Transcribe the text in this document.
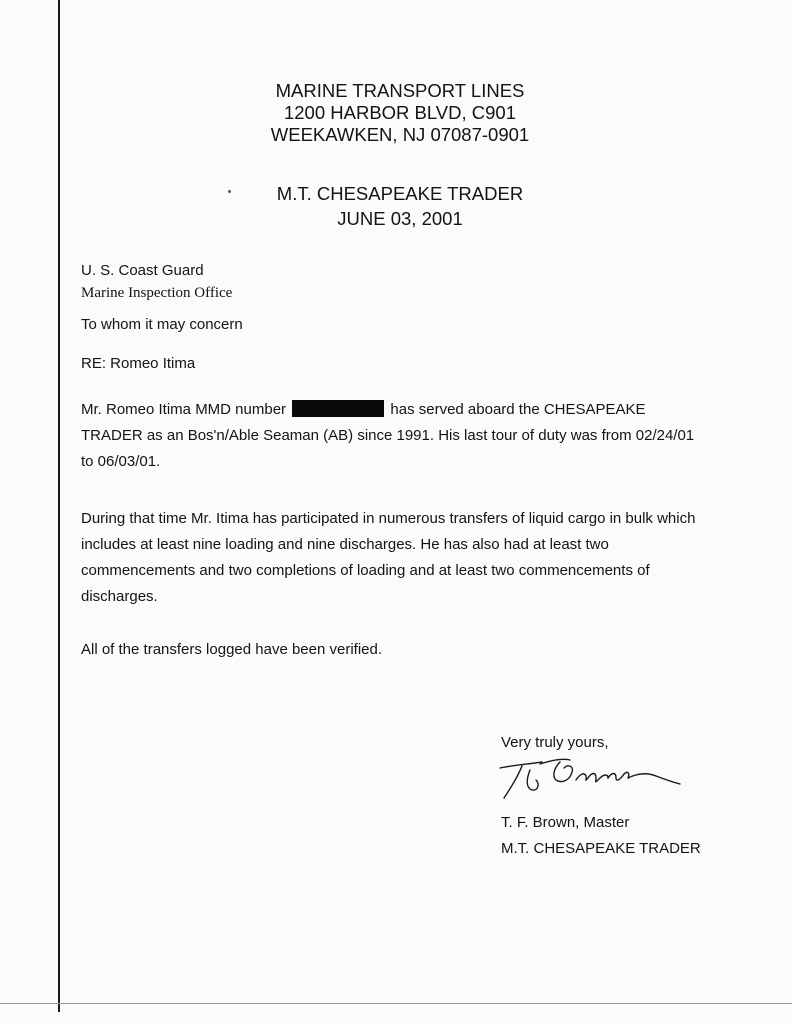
MARINE TRANSPORT LINES
1200 HARBOR BLVD, C901
WEEKAWKEN, NJ 07087-0901
M.T. CHESAPEAKE TRADER
JUNE 03, 2001
U. S. Coast Guard
Marine Inspection Office
To whom it may concern
RE: Romeo Itima
Mr. Romeo Itima MMD number	has served aboard the CHESAPEAKE TRADER as an Bos'n/Able Seaman (AB) since 1991. His last tour of duty was from 02/24/01 to 06/03/01.
During that time Mr. Itima has participated in numerous transfers of liquid cargo in bulk which includes at least nine loading and nine discharges. He has also had at least two commencements and two completions of loading and at least two commencements of discharges.
All of the transfers logged have been verified.
Very truly yours,
T. F. Brown, Master
M.T. CHESAPEAKE TRADER
